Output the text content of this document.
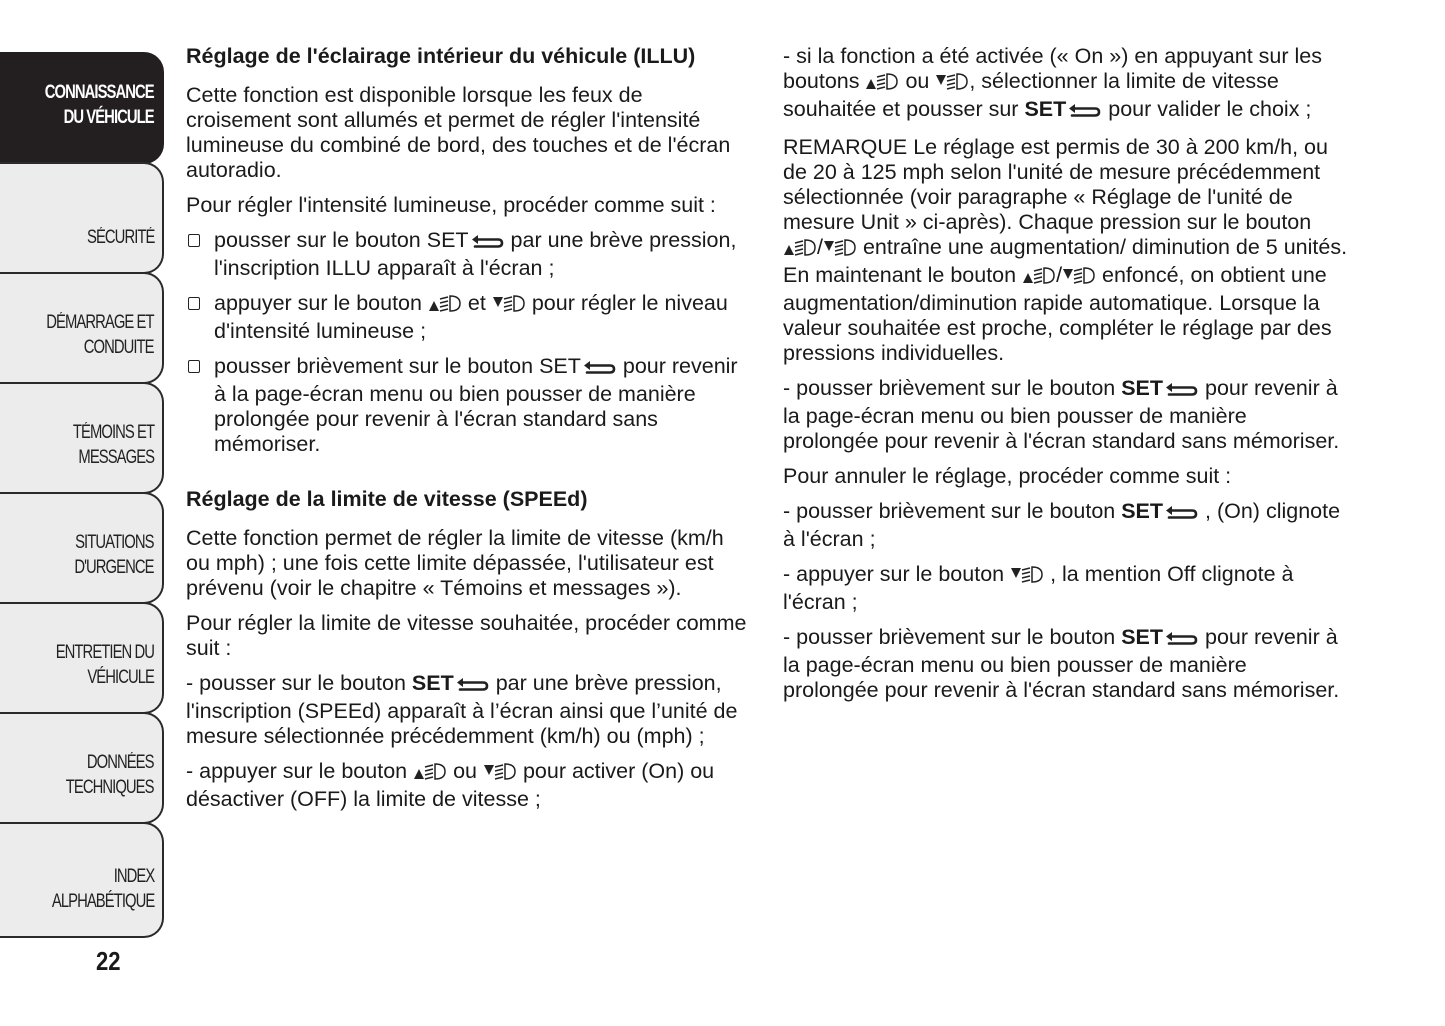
CONNAISSANCE
DU VÉHICULE
SÉCURITÉ
DÉMARRAGE ET
CONDUITE
TÉMOINS ET
MESSAGES
SITUATIONS
D'URGENCE
ENTRETIEN DU
VÉHICULE
DONNÉES
TECHNIQUES
INDEX
ALPHABÉTIQUE
22
Réglage de l'éclairage intérieur du véhicule (ILLU)

Cette fonction est disponible lorsque les feux de croisement sont allumés et permet de régler l'intensité lumineuse du combiné de bord, des touches et de l'écran autoradio.

Pour régler l'intensité lumineuse, procéder comme suit :

pousser sur le bouton SET par une brève pression, l'inscription ILLU apparaît à l'écran ;
appuyer sur le bouton  et  pour régler le niveau d'intensité lumineuse ;
pousser brièvement sur le bouton SET pour revenir à la page-écran menu ou bien pousser de manière prolongée pour revenir à l'écran standard sans mémoriser.
Réglage de la limite de vitesse (SPEEd)

Cette fonction permet de régler la limite de vitesse (km/h ou mph) ; une fois cette limite dépassée, l'utilisateur est prévenu (voir le chapitre « Témoins et messages »).

Pour régler la limite de vitesse souhaitée, procéder comme suit :

- pousser sur le bouton SET par une brève pression, l'inscription (SPEEd) apparaît à l’écran ainsi que l’unité de mesure sélectionnée précédemment (km/h) ou (mph) ;

- appuyer sur le bouton  ou  pour activer (On) ou désactiver (OFF) la limite de vitesse ;

- si la fonction a été activée (« On ») en appuyant sur les boutons  ou , sélectionner la limite de vitesse souhaitée et pousser sur SET pour valider le choix ;

REMARQUE Le réglage est permis de 30 à 200 km/h, ou de 20 à 125 mph selon l'unité de mesure précédemment sélectionnée (voir paragraphe « Réglage de l'unité de mesure Unit » ci-après). Chaque pression sur le bouton / entraîne une augmentation/ diminution de 5 unités. En maintenant le bouton / enfoncé, on obtient une augmentation/diminution rapide automatique. Lorsque la valeur souhaitée est proche, compléter le réglage par des pressions individuelles.

- pousser brièvement sur le bouton SET pour revenir à la page-écran menu ou bien pousser de manière prolongée pour revenir à l'écran standard sans mémoriser.

Pour annuler le réglage, procéder comme suit :

- pousser brièvement sur le bouton SET , (On) clignote à l'écran ;

- appuyer sur le bouton  , la mention Off clignote à l'écran ;

- pousser brièvement sur le bouton SET pour revenir à la page-écran menu ou bien pousser de manière prolongée pour revenir à l'écran standard sans mémoriser.
